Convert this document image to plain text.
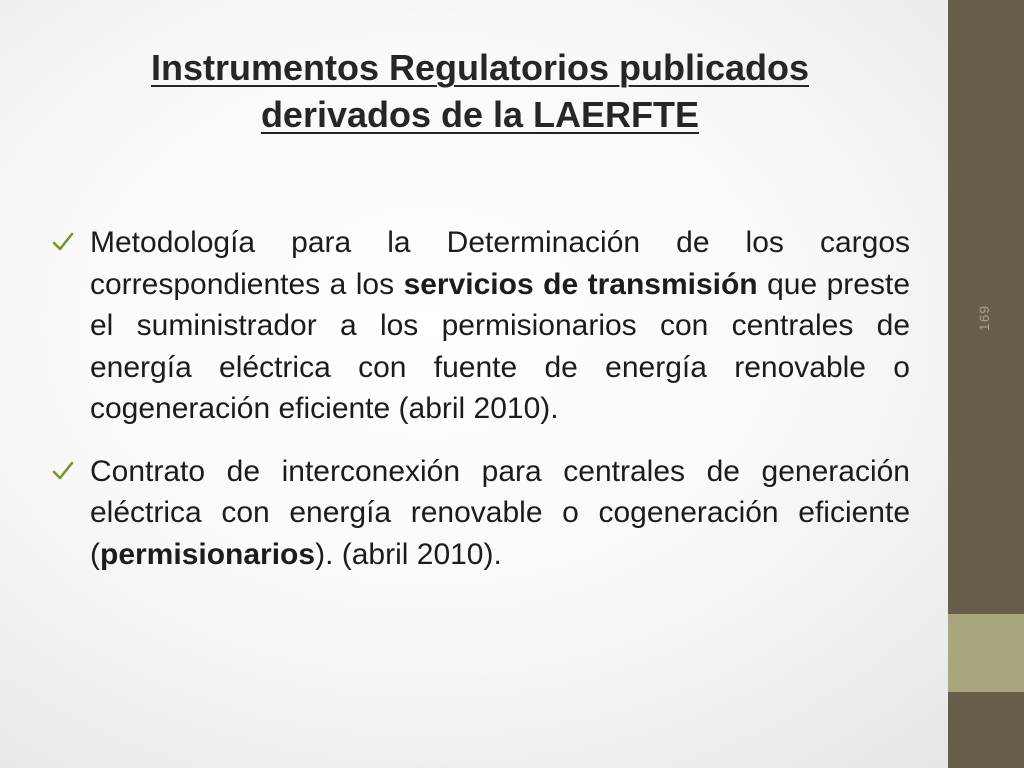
Instrumentos Regulatorios publicados
derivados de la LAERFTE

Metodología para la Determinación de los cargos correspondientes a los servicios de transmisión que preste el suministrador a los permisionarios con centrales de energía eléctrica con fuente de energía renovable o cogeneración eficiente (abril 2010).

Contrato de interconexión para centrales de generación eléctrica con energía renovable o cogeneración eficiente (permisionarios). (abril 2010).

169
